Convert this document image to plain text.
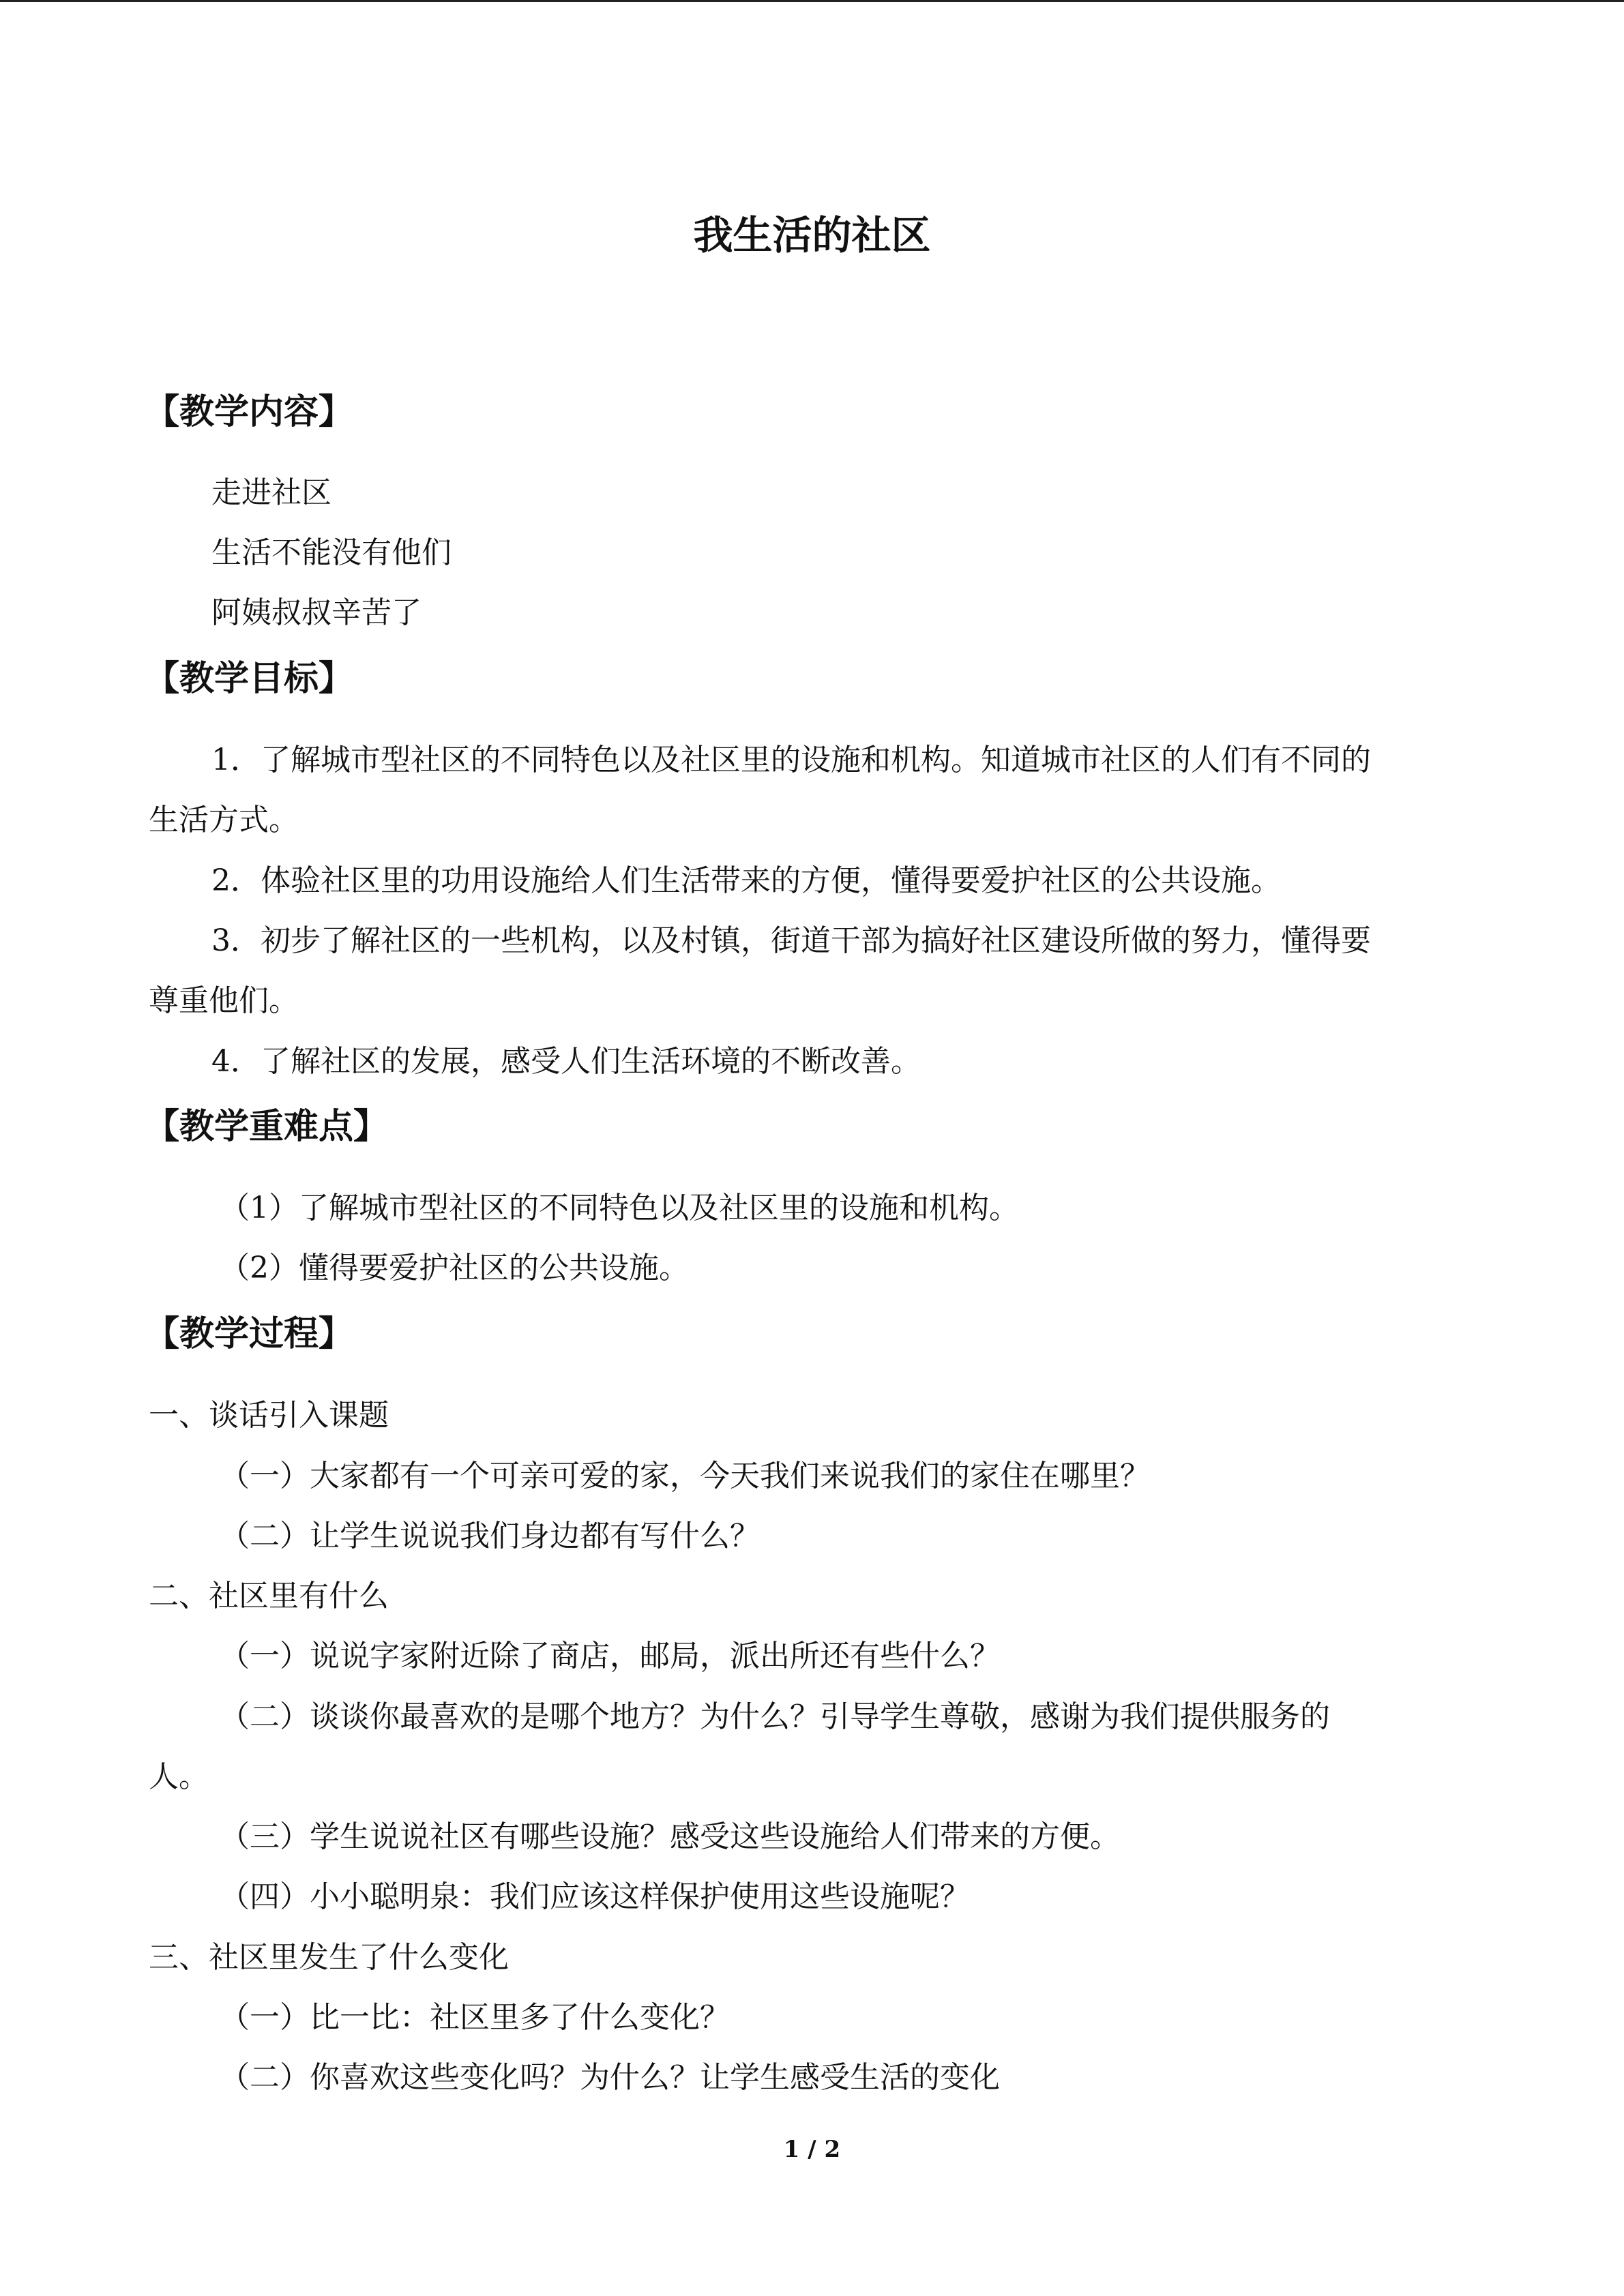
我生活的社区
【教学内容】

走进社区

生活不能没有他们

阿姨叔叔辛苦了

【教学目标】

1．了解城市型社区的不同特色以及社区里的设施和机构。知道城市社区的人们有不同的

生活方式。

2．体验社区里的功用设施给人们生活带来的方便，懂得要爱护社区的公共设施。

3．初步了解社区的一些机构，以及村镇，街道干部为搞好社区建设所做的努力，懂得要

尊重他们。

4．了解社区的发展，感受人们生活环境的不断改善。

【教学重难点】

（1）了解城市型社区的不同特色以及社区里的设施和机构。

（2）懂得要爱护社区的公共设施。

【教学过程】

一、谈话引入课题

（一）大家都有一个可亲可爱的家，今天我们来说我们的家住在哪里？

（二）让学生说说我们身边都有写什么？

二、社区里有什么

（一）说说字家附近除了商店，邮局，派出所还有些什么？

（二）谈谈你最喜欢的是哪个地方？为什么？引导学生尊敬，感谢为我们提供服务的

人。

（三）学生说说社区有哪些设施？感受这些设施给人们带来的方便。

（四）小小聪明泉：我们应该这样保护使用这些设施呢？

三、社区里发生了什么变化

（一）比一比：社区里多了什么变化？

（二）你喜欢这些变化吗？为什么？让学生感受生活的变化

1 / 2
